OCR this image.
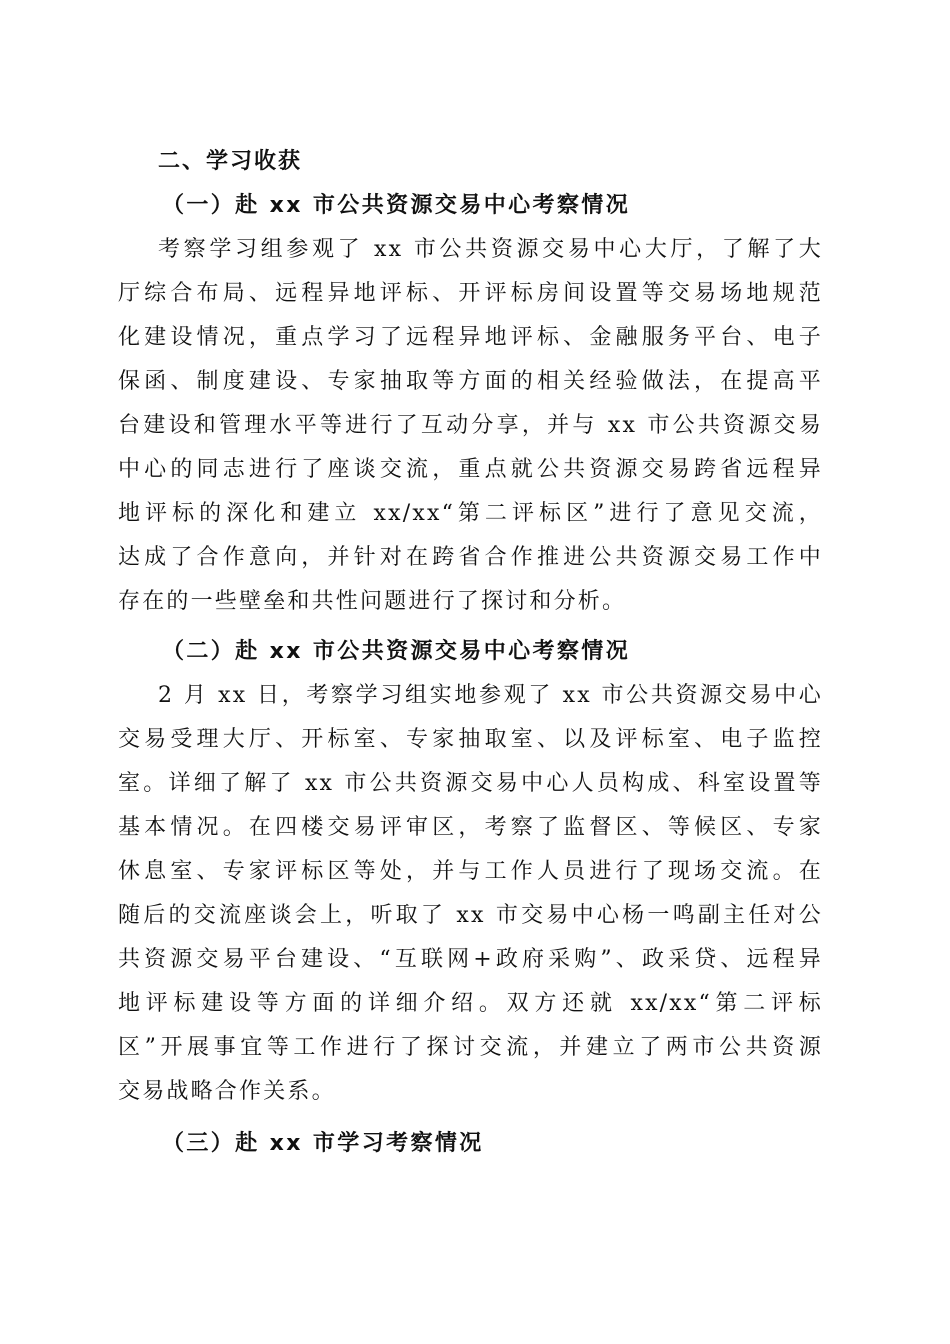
二、学习收获
（一）赴 xx 市公共资源交易中心考察情况
考察学习组参观了 xx 市公共资源交易中心大厅，了解了大
厅综合布局、远程异地评标、开评标房间设置等交易场地规范
化建设情况，重点学习了远程异地评标、金融服务平台、电子
保函、制度建设、专家抽取等方面的相关经验做法，在提高平
台建设和管理水平等进行了互动分享，并与 xx 市公共资源交易
中心的同志进行了座谈交流，重点就公共资源交易跨省远程异
地评标的深化和建立 xx/xx“第二评标区”进行了意见交流，
达成了合作意向，并针对在跨省合作推进公共资源交易工作中
存在的一些壁垒和共性问题进行了探讨和分析。
（二）赴 xx 市公共资源交易中心考察情况
2 月 xx 日，考察学习组实地参观了 xx 市公共资源交易中心
交易受理大厅、开标室、专家抽取室、以及评标室、电子监控
室。详细了解了 xx 市公共资源交易中心人员构成、科室设置等
基本情况。在四楼交易评审区，考察了监督区、等候区、专家
休息室、专家评标区等处，并与工作人员进行了现场交流。在
随后的交流座谈会上，听取了 xx 市交易中心杨一鸣副主任对公
共资源交易平台建设、“互联网+政府采购”、政采贷、远程异
地评标建设等方面的详细介绍。双方还就 xx/xx“第二评标
区”开展事宜等工作进行了探讨交流，并建立了两市公共资源
交易战略合作关系。
（三）赴 xx 市学习考察情况
